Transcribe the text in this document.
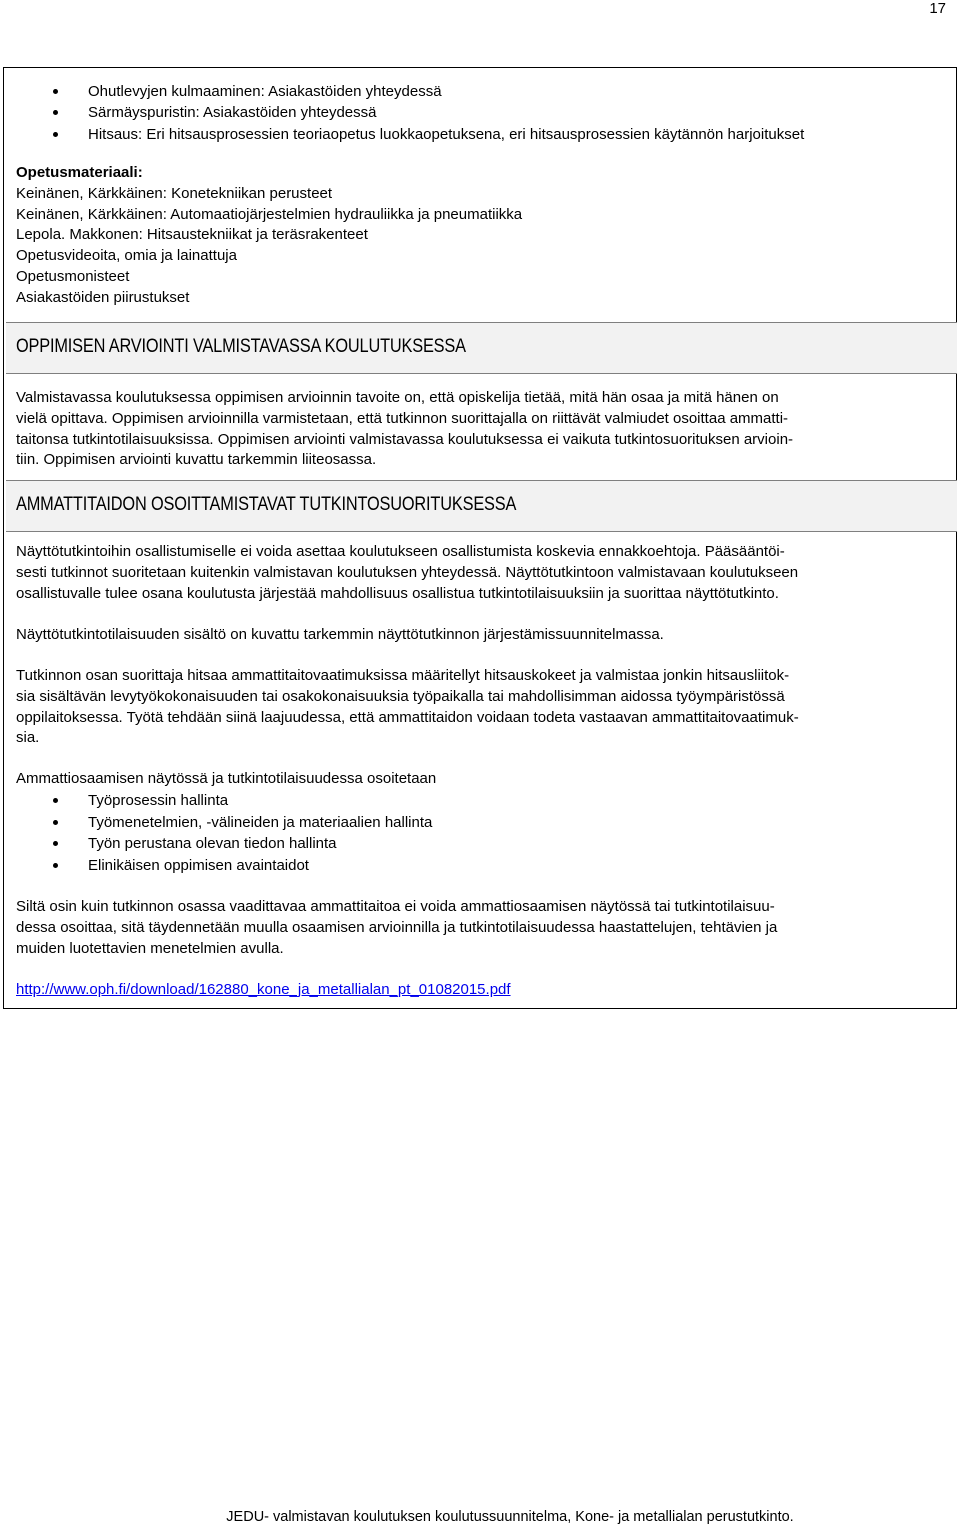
17
Ohutlevyjen kulmaaminen: Asiakastöiden yhteydessä
Särmäyspuristin: Asiakastöiden yhteydessä
Hitsaus: Eri hitsausprosessien teoriaopetus luokkaopetuksena, eri hitsausprosessien käytännön harjoitukset
Opetusmateriaali:
Keinänen, Kärkkäinen: Konetekniikan perusteet
Keinänen, Kärkkäinen: Automaatiojärjestelmien hydrauliikka ja pneumatiikka
Lepola. Makkonen: Hitsaustekniikat ja teräsrakenteet
Opetusvideoita, omia ja lainattuja
Opetusmonisteet
Asiakastöiden piirustukset
OPPIMISEN ARVIOINTI VALMISTAVASSA KOULUTUKSESSA
Valmistavassa koulutuksessa oppimisen arvioinnin tavoite on, että opiskelija tietää, mitä hän osaa ja mitä hänen on
vielä opittava. Oppimisen arvioinnilla varmistetaan, että tutkinnon suorittajalla on riittävät valmiudet osoittaa ammatti-
taitonsa tutkintotilaisuuksissa. Oppimisen arviointi valmistavassa koulutuksessa ei vaikuta tutkintosuorituksen arvioin-
tiin. Oppimisen arviointi kuvattu tarkemmin liiteosassa.
AMMATTITAIDON OSOITTAMISTAVAT TUTKINTOSUORITUKSESSA
Näyttötutkintoihin osallistumiselle ei voida asettaa koulutukseen osallistumista koskevia ennakkoehtoja. Pääsääntöi-
sesti tutkinnot suoritetaan kuitenkin valmistavan koulutuksen yhteydessä. Näyttötutkintoon valmistavaan koulutukseen
osallistuvalle tulee osana koulutusta järjestää mahdollisuus osallistua tutkintotilaisuuksiin ja suorittaa näyttötutkinto.
Näyttötutkintotilaisuuden sisältö on kuvattu tarkemmin näyttötutkinnon järjestämissuunnitelmassa.
Tutkinnon osan suorittaja hitsaa ammattitaitovaatimuksissa määritellyt hitsauskokeet ja valmistaa jonkin hitsausliitok-
sia sisältävän levytyökokonaisuuden tai osakokonaisuuksia työpaikalla tai mahdollisimman aidossa työympäristössä
oppilaitoksessa. Työtä tehdään siinä laajuudessa, että ammattitaidon voidaan todeta vastaavan ammattitaitovaatimuk-
sia.
Ammattiosaamisen näytössä ja tutkintotilaisuudessa osoitetaan
Työprosessin hallinta
Työmenetelmien, -välineiden ja materiaalien hallinta
Työn perustana olevan tiedon hallinta
Elinikäisen oppimisen avaintaidot
Siltä osin kuin tutkinnon osassa vaadittavaa ammattitaitoa ei voida ammattiosaamisen näytössä tai tutkintotilaisuu-
dessa osoittaa, sitä täydennetään muulla osaamisen arvioinnilla ja tutkintotilaisuudessa haastattelujen, tehtävien ja
muiden luotettavien menetelmien avulla.
http://www.oph.fi/download/162880_kone_ja_metallialan_pt_01082015.pdf
JEDU- valmistavan koulutuksen koulutussuunnitelma, Kone- ja metallialan perustutkinto.
